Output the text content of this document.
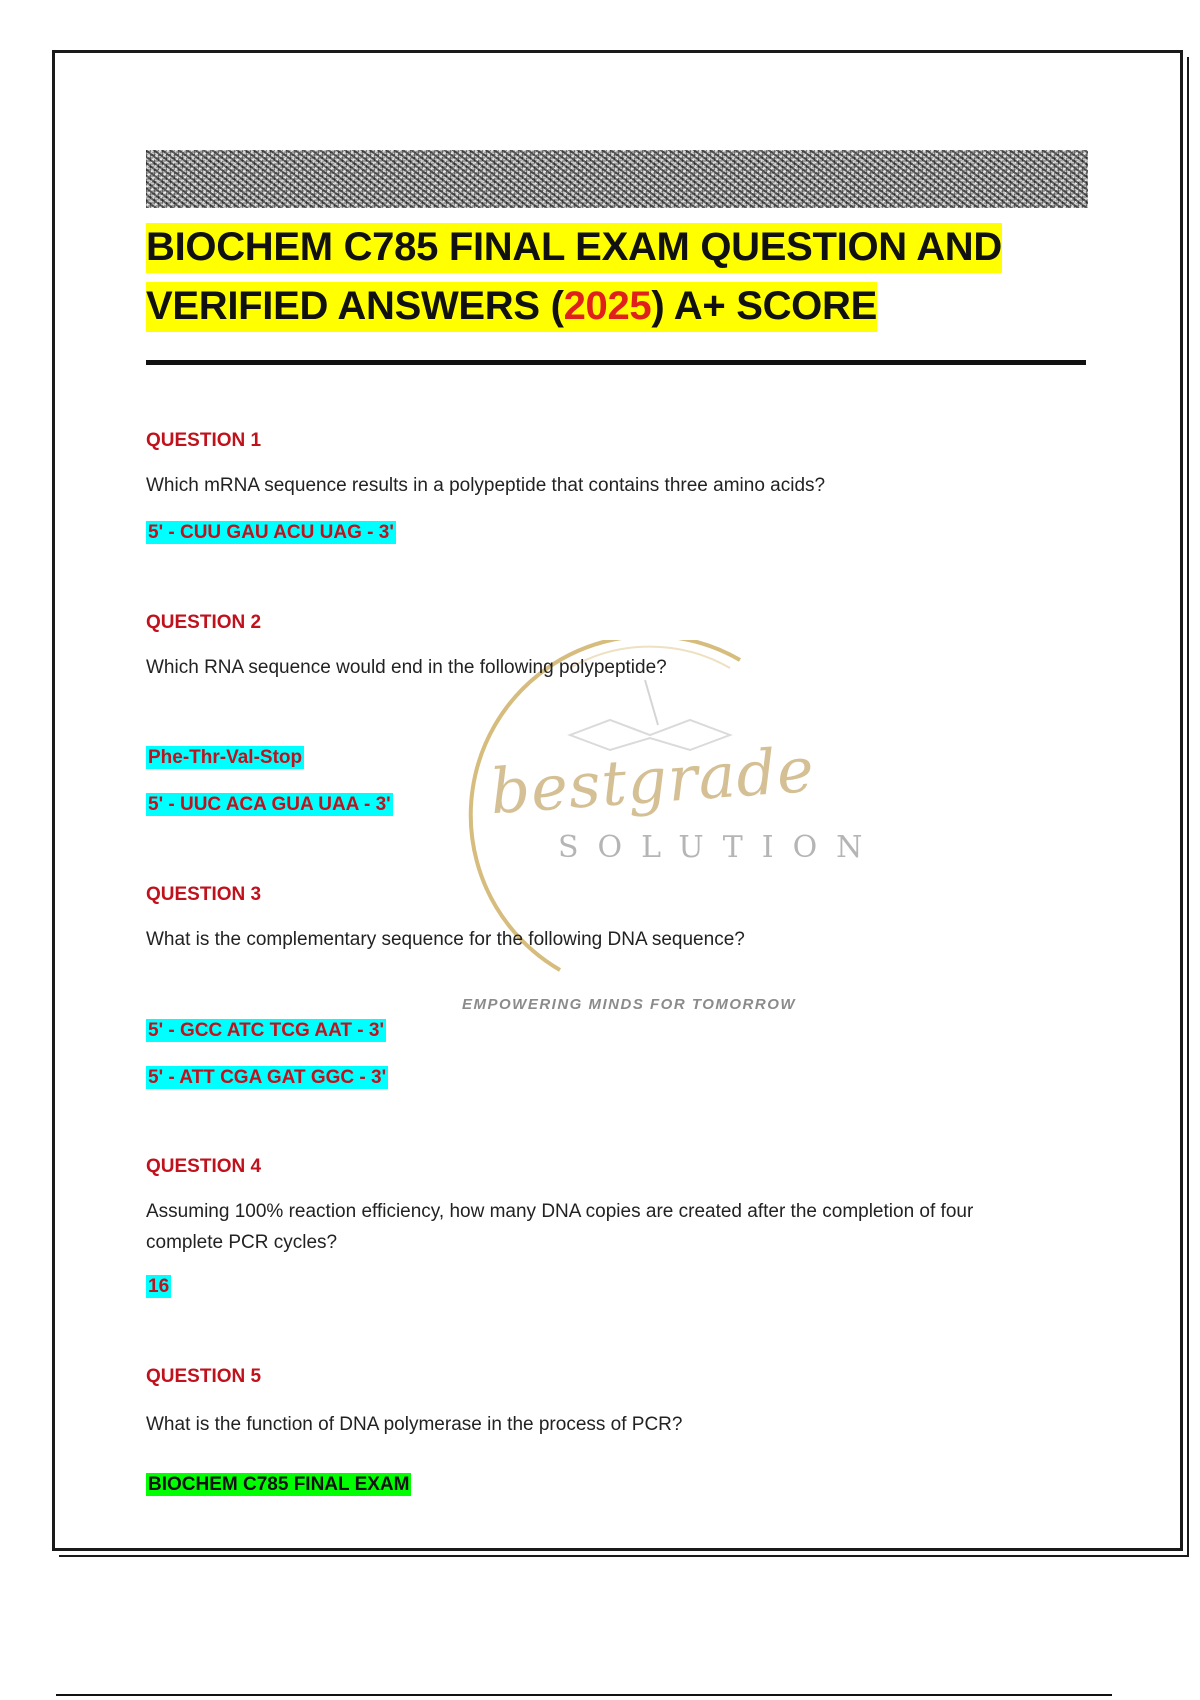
BIOCHEM C785 FINAL EXAM QUESTION AND
VERIFIED ANSWERS (2025) A+ SCORE
bestgrade
SOLUTION
EMPOWERING MINDS FOR TOMORROW

QUESTION 1

Which mRNA sequence results in a polypeptide that contains three amino acids?

5' - CUU GAU ACU UAG - 3'

QUESTION 2

Which RNA sequence would end in the following polypeptide?

Phe-Thr-Val-Stop

5' - UUC ACA GUA UAA - 3'

QUESTION 3

What is the complementary sequence for the following DNA sequence?

5' - GCC ATC TCG AAT - 3'

5' - ATT CGA GAT GGC - 3'

QUESTION 4

Assuming 100% reaction efficiency, how many DNA copies are created after the completion of four complete PCR cycles?

16

QUESTION 5

What is the function of DNA polymerase in the process of PCR?

BIOCHEM C785 FINAL EXAM
